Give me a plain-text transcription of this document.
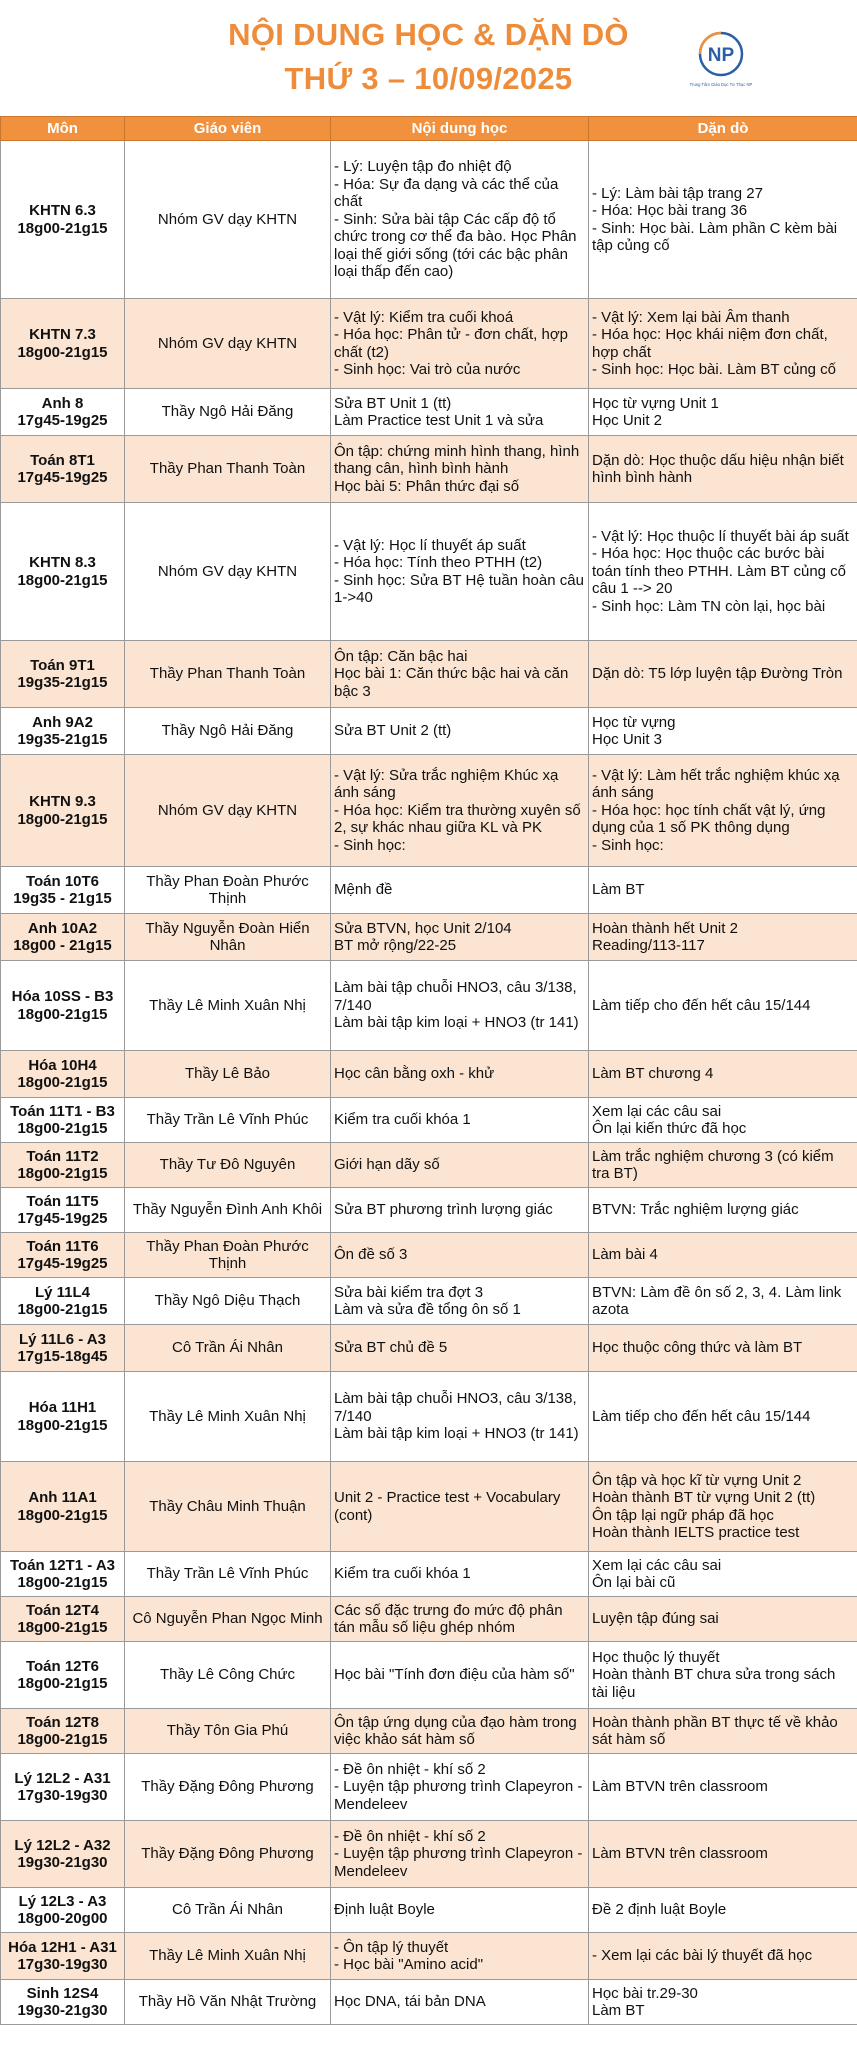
NỘI DUNG HỌC & DẶN DÒ
THỨ 3 – 10/09/2025
NP
Trung Tâm Giáo Dục Tư Thục NP
Môn	Giáo viên	Nội dung học	Dặn dò
KHTN 6.3
18g00-21g15	Nhóm GV dạy KHTN	- Lý: Luyện tập đo nhiệt độ
- Hóa: Sự đa dạng và các thể của chất
- Sinh: Sửa bài tập Các cấp độ tổ chức trong cơ thể đa bào. Học Phân loại thế giới sống (tới các bậc phân loại thấp đến cao)	- Lý: Làm bài tập trang 27
- Hóa: Học bài trang 36
- Sinh: Học bài. Làm phần C kèm bài tập củng cố
KHTN 7.3
18g00-21g15	Nhóm GV dạy KHTN	- Vật lý: Kiểm tra cuối khoá
- Hóa học: Phân tử - đơn chất, hợp chất (t2)
- Sinh học: Vai trò của nước	- Vật lý: Xem lại bài Âm thanh
- Hóa học: Học khái niệm đơn chất, hợp chất
- Sinh học: Học bài. Làm BT củng cố
Anh 8
17g45-19g25	Thầy Ngô Hải Đăng	Sửa BT Unit 1 (tt)
Làm Practice test Unit 1 và sửa	Học từ vựng Unit 1
Học Unit 2
Toán 8T1
17g45-19g25	Thầy Phan Thanh Toàn	Ôn tập: chứng minh hình thang, hình thang cân, hình bình hành
Học bài 5: Phân thức đại số	Dặn dò: Học thuộc dấu hiệu nhận biết hình bình hành
KHTN 8.3
18g00-21g15	Nhóm GV dạy KHTN	- Vật lý: Học lí thuyết áp suất
- Hóa học: Tính theo PTHH (t2)
- Sinh học: Sửa BT Hệ tuần hoàn câu 1->40	- Vật lý: Học thuộc lí thuyết bài áp suất
- Hóa học: Học thuộc các bước bài toán tính theo PTHH. Làm BT củng cố câu 1 --> 20
- Sinh học: Làm TN còn lại, học bài
Toán 9T1
19g35-21g15	Thầy Phan Thanh Toàn	Ôn tập: Căn bậc hai
Học bài 1: Căn thức bậc hai và căn bậc 3	Dặn dò: T5 lớp luyện tập Đường Tròn
Anh 9A2
19g35-21g15	Thầy Ngô Hải Đăng	Sửa BT Unit 2 (tt)	Học từ vựng
Học Unit 3
KHTN 9.3
18g00-21g15	Nhóm GV dạy KHTN	- Vật lý: Sửa trắc nghiệm Khúc xạ ánh sáng
- Hóa học: Kiểm tra thường xuyên số 2, sự khác nhau giữa KL và PK
- Sinh học:	- Vật lý: Làm hết trắc nghiệm khúc xạ ánh sáng
- Hóa học: học tính chất vật lý, ứng dụng của 1 số PK thông dụng
- Sinh học:
Toán 10T6
19g35 - 21g15	Thầy Phan Đoàn Phước Thịnh	Mệnh đề	Làm BT
Anh 10A2
18g00 - 21g15	Thầy Nguyễn Đoàn Hiển Nhân	Sửa BTVN, học Unit 2/104
BT mở rộng/22-25	Hoàn thành hết Unit 2
Reading/113-117
Hóa 10SS - B3
18g00-21g15	Thầy Lê Minh Xuân Nhị	Làm bài tập chuỗi HNO3, câu 3/138, 7/140
Làm bài tập kim loại + HNO3 (tr 141)	Làm tiếp cho đến hết câu 15/144
Hóa 10H4
18g00-21g15	Thầy Lê Bảo	Học cân bằng oxh - khử	Làm BT chương 4
Toán 11T1 - B3
18g00-21g15	Thầy Trần Lê Vĩnh Phúc	Kiểm tra cuối khóa 1	Xem lại các câu sai
Ôn lại kiến thức đã học
Toán 11T2
18g00-21g15	Thầy Tư Đô Nguyên	Giới hạn dãy số	Làm trắc nghiệm chương 3 (có kiểm tra BT)
Toán 11T5
17g45-19g25	Thầy Nguyễn Đình Anh Khôi	Sửa BT phương trình lượng giác	BTVN: Trắc nghiệm lượng giác
Toán 11T6
17g45-19g25	Thầy Phan Đoàn Phước Thịnh	Ôn đề số 3	Làm bài 4
Lý 11L4
18g00-21g15	Thầy Ngô Diệu Thạch	Sửa bài kiểm tra đợt 3
Làm và sửa đề tổng ôn số 1	BTVN: Làm đề ôn số 2, 3, 4. Làm link azota
Lý 11L6 - A3
17g15-18g45	Cô Trần Ái Nhân	Sửa BT chủ đề 5	Học thuộc công thức và làm BT
Hóa 11H1
18g00-21g15	Thầy Lê Minh Xuân Nhị	Làm bài tập chuỗi HNO3, câu 3/138, 7/140
Làm bài tập kim loại + HNO3 (tr 141)	Làm tiếp cho đến hết câu 15/144
Anh 11A1
18g00-21g15	Thầy Châu Minh Thuận	Unit 2 - Practice test + Vocabulary (cont)	Ôn tập và học kĩ từ vựng Unit 2
Hoàn thành BT từ vựng Unit 2 (tt)
Ôn tập lại ngữ pháp đã học
Hoàn thành IELTS practice test
Toán 12T1 - A3
18g00-21g15	Thầy Trần Lê Vĩnh Phúc	Kiểm tra cuối khóa 1	Xem lại các câu sai
Ôn lại bài cũ
Toán 12T4
18g00-21g15	Cô Nguyễn Phan Ngọc Minh	Các số đặc trưng đo mức độ phân tán mẫu số liệu ghép nhóm	Luyện tập đúng sai
Toán 12T6
18g00-21g15	Thầy Lê Công Chức	Học bài "Tính đơn điệu của hàm số"	Học thuộc lý thuyết
Hoàn thành BT chưa sửa trong sách tài liệu
Toán 12T8
18g00-21g15	Thầy Tôn Gia Phú	Ôn tập ứng dụng của đạo hàm trong việc khảo sát hàm số	Hoàn thành phần BT thực tế về khảo sát hàm số
Lý 12L2 - A31
17g30-19g30	Thầy Đặng Đông Phương	- Đề ôn nhiệt - khí số 2
- Luyện tập phương trình Clapeyron - Mendeleev	Làm BTVN trên classroom
Lý 12L2 - A32
19g30-21g30	Thầy Đặng Đông Phương	- Đề ôn nhiệt - khí số 2
- Luyện tập phương trình Clapeyron - Mendeleev	Làm BTVN trên classroom
Lý 12L3 - A3
18g00-20g00	Cô Trần Ái Nhân	Định luật Boyle	Đề 2 định luật Boyle
Hóa 12H1 - A31
17g30-19g30	Thầy Lê Minh Xuân Nhị	- Ôn tập lý thuyết
- Học bài "Amino acid"	- Xem lại các bài lý thuyết đã học
Sinh 12S4
19g30-21g30	Thầy Hồ Văn Nhật Trường	Học DNA, tái bản DNA	Học bài tr.29-30
Làm BT
